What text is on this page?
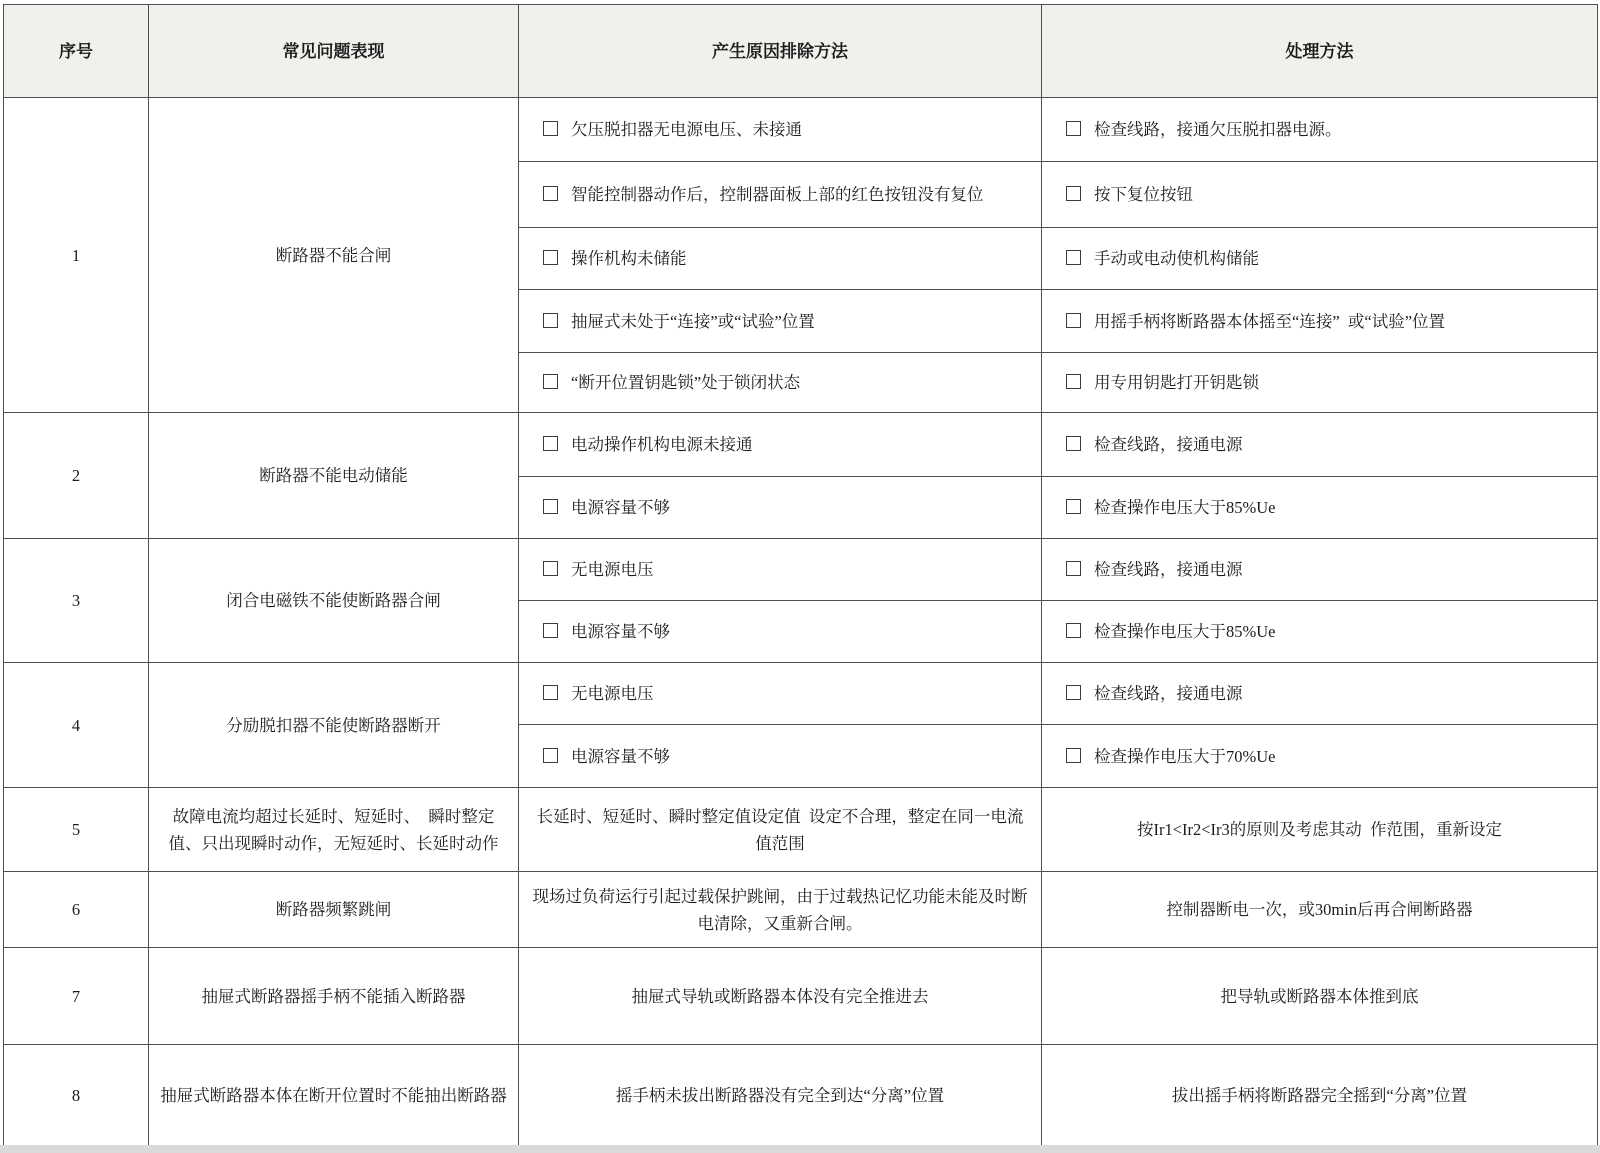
序号	常见问题表现	产生原因排除方法	处理方法
1	断路器不能合闸	欠压脱扣器无电源电压、未接通	检查线路，接通欠压脱扣器电源。
		智能控制器动作后，控制器面板上部的红色按钮没有复位	按下复位按钮
		操作机构未储能	手动或电动使机构储能
		抽屉式未处于“连接”或“试验”位置	用摇手柄将断路器本体摇至“连接” 或“试验”位置
		“断开位置钥匙锁”处于锁闭状态	用专用钥匙打开钥匙锁
2	断路器不能电动储能	电动操作机构电源未接通	检查线路，接通电源
		电源容量不够	检查操作电压大于85%Ue
3	闭合电磁铁不能使断路器合闸	无电源电压	检查线路，接通电源
		电源容量不够	检查操作电压大于85%Ue
4	分励脱扣器不能使断路器断开	无电源电压	检查线路，接通电源
		电源容量不够	检查操作电压大于70%Ue
5	故障电流均超过长延时、短延时、 瞬时整定值、只出现瞬时动作，无短延时、长延时动作	长延时、短延时、瞬时整定值设定值 设定不合理，整定在同一电流值范围	按Ir1<Ir2<Ir3的原则及考虑其动 作范围，重新设定
6	断路器频繁跳闸	现场过负荷运行引起过载保护跳闸，由于过载热记忆功能未能及时断电清除，又重新合闸。	控制器断电一次，或30min后再合闸断路器
7	抽屉式断路器摇手柄不能插入断路器	抽屉式导轨或断路器本体没有完全推进去	把导轨或断路器本体推到底
8	抽屉式断路器本体在断开位置时不能抽出断路器	摇手柄未拔出断路器没有完全到达“分离”位置	拔出摇手柄将断路器完全摇到“分离”位置
